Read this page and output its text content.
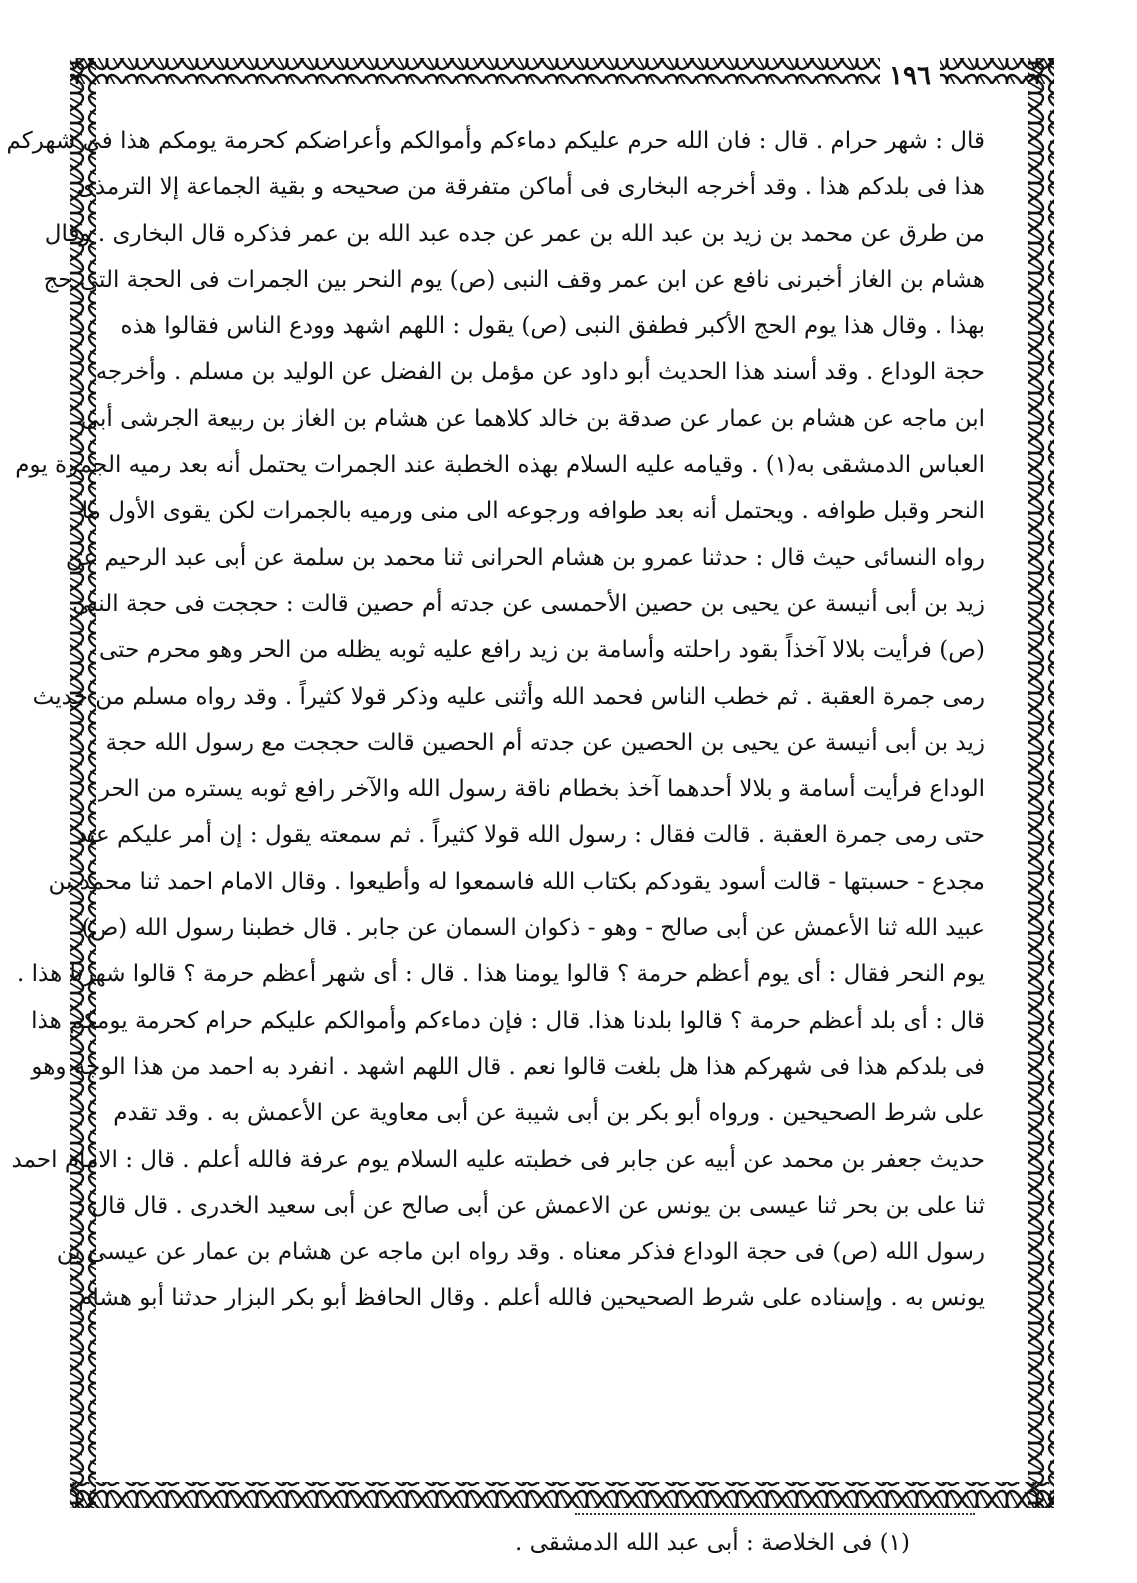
١٩٦
قال : شهر حرام . قال : فان الله حرم عليكم دماءكم وأموالكم وأعراضكم كحرمة يومكم هذا فى شهركم
هذا فى بلدكم هذا . وقد أخرجه البخارى فى أماكن متفرقة من صحيحه و بقية الجماعة إلا الترمذى
من طرق عن محمد بن زيد بن عبد الله بن عمر عن جده عبد الله بن عمر فذكره قال البخارى . وقال
هشام بن الغاز أخبرنى نافع عن ابن عمر وقف النبى (ص) يوم النحر بين الجمرات فى الحجة التى حج
بهذا . وقال هذا يوم الحج الأكبر فطفق النبى (ص) يقول : اللهم اشهد وودع الناس فقالوا هذه
حجة الوداع . وقد أسند هذا الحديث أبو داود عن مؤمل بن الفضل عن الوليد بن مسلم . وأخرجه
ابن ماجه عن هشام بن عمار عن صدقة بن خالد كلاهما عن هشام بن الغاز بن ربيعة الجرشى أبى
العباس الدمشقى به(١) . وقيامه عليه السلام بهذه الخطبة عند الجمرات يحتمل أنه بعد رميه الجمرة يوم
النحر وقبل طوافه . ويحتمل أنه بعد طوافه ورجوعه الى منى ورميه بالجمرات لكن يقوى الأول ما
رواه النسائى حيث قال : حدثنا عمرو بن هشام الحرانى ثنا محمد بن سلمة عن أبى عبد الرحيم عن
زيد بن أبى أنيسة عن يحيى بن حصين الأحمسى عن جدته أم حصين قالت : حججت فى حجة النبى
(ص) فرأيت بلالا آخذاً بقود راحلته وأسامة بن زيد رافع عليه ثوبه يظله من الحر وهو محرم حتى
رمى جمرة العقبة . ثم خطب الناس فحمد الله وأثنى عليه وذكر قولا كثيراً . وقد رواه مسلم من حديث
زيد بن أبى أنيسة عن يحيى بن الحصين عن جدته أم الحصين قالت حججت مع رسول الله حجة
الوداع فرأيت أسامة و بلالا أحدهما آخذ بخطام ناقة رسول الله والآخر رافع ثوبه يستره من الحر
حتى رمى جمرة العقبة . قالت فقال : رسول الله قولا كثيراً . ثم سمعته يقول : إن أمر عليكم عبد
مجدع - حسبتها - قالت أسود يقودكم بكتاب الله فاسمعوا له وأطيعوا . وقال الامام احمد ثنا محمد بن
عبيد الله ثنا الأعمش عن أبى صالح - وهو - ذكوان السمان عن جابر . قال خطبنا رسول الله (ص)
يوم النحر فقال : أى يوم أعظم حرمة ؟ قالوا يومنا هذا . قال : أى شهر أعظم حرمة ؟ قالوا شهرنا هذا .
قال : أى بلد أعظم حرمة ؟ قالوا بلدنا هذا. قال : فإن دماءكم وأموالكم عليكم حرام كحرمة يومكم هذا
فى بلدكم هذا فى شهركم هذا هل بلغت قالوا نعم . قال اللهم اشهد . انفرد به احمد من هذا الوجه وهو
على شرط الصحيحين . ورواه أبو بكر بن أبى شيبة عن أبى معاوية عن الأعمش به . وقد تقدم
حديث جعفر بن محمد عن أبيه عن جابر فى خطبته عليه السلام يوم عرفة فالله أعلم . قال : الامام احمد
ثنا على بن بحر ثنا عيسى بن يونس عن الاعمش عن أبى صالح عن أبى سعيد الخدرى . قال قال :
رسول الله (ص) فى حجة الوداع فذكر معناه . وقد رواه ابن ماجه عن هشام بن عمار عن عيسى بن
يونس به . وإسناده على شرط الصحيحين فالله أعلم . وقال الحافظ أبو بكر البزار حدثنا أبو هشام
(١) فى الخلاصة : أبى عبد الله الدمشقى .
